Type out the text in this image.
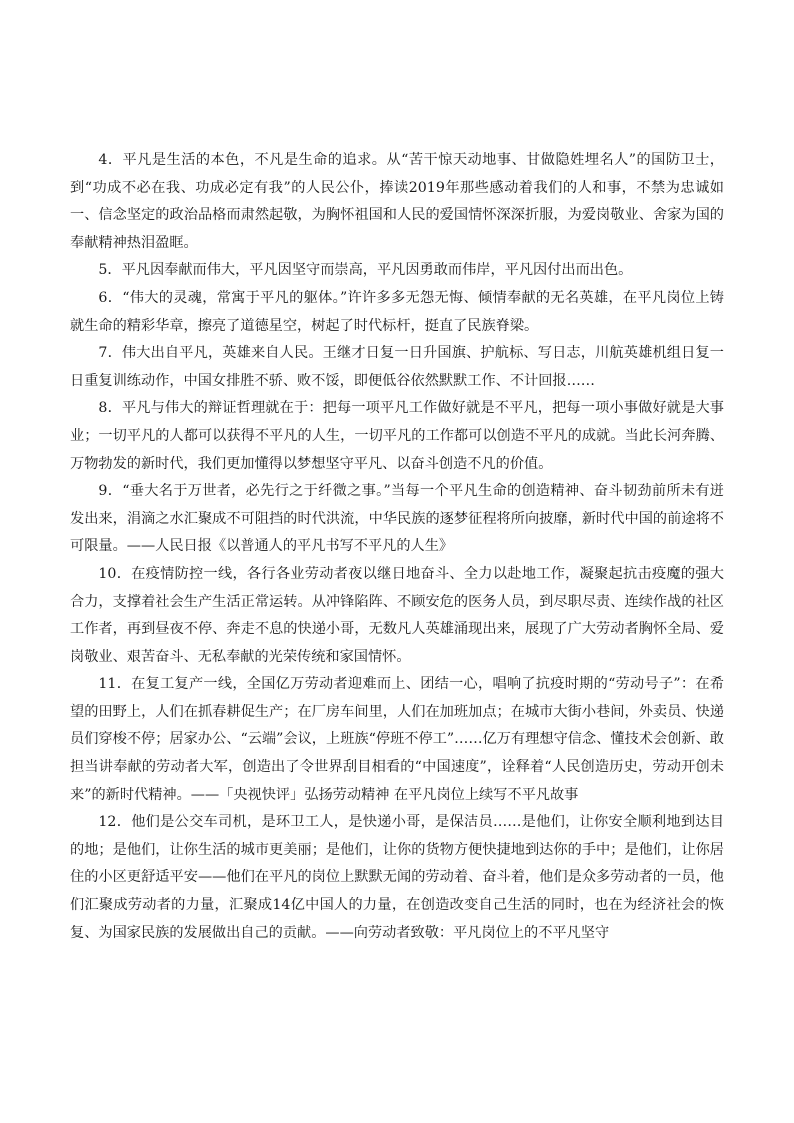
4．平凡是生活的本色，不凡是生命的追求。从“苦干惊天动地事、甘做隐姓埋名人”的国防卫士，到“功成不必在我、功成必定有我”的人民公仆，捧读2019年那些感动着我们的人和事，不禁为忠诚如一、信念坚定的政治品格而肃然起敬，为胸怀祖国和人民的爱国情怀深深折服，为爱岗敬业、舍家为国的奉献精神热泪盈眶。

5．平凡因奉献而伟大，平凡因坚守而崇高，平凡因勇敢而伟岸，平凡因付出而出色。

6．“伟大的灵魂，常寓于平凡的躯体。”许许多多无怨无悔、倾情奉献的无名英雄，在平凡岗位上铸就生命的精彩华章，擦亮了道德星空，树起了时代标杆，挺直了民族脊梁。

7．伟大出自平凡，英雄来自人民。王继才日复一日升国旗、护航标、写日志，川航英雄机组日复一日重复训练动作，中国女排胜不骄、败不馁，即便低谷依然默默工作、不计回报……

8．平凡与伟大的辩证哲理就在于：把每一项平凡工作做好就是不平凡，把每一项小事做好就是大事业；一切平凡的人都可以获得不平凡的人生，一切平凡的工作都可以创造不平凡的成就。当此长河奔腾、万物勃发的新时代，我们更加懂得以梦想坚守平凡、以奋斗创造不凡的价值。

9．“垂大名于万世者，必先行之于纤微之事。”当每一个平凡生命的创造精神、奋斗韧劲前所未有迸发出来，涓滴之水汇聚成不可阻挡的时代洪流，中华民族的逐梦征程将所向披靡，新时代中国的前途将不可限量。——人民日报《以普通人的平凡书写不平凡的人生》

10．在疫情防控一线，各行各业劳动者夜以继日地奋斗、全力以赴地工作，凝聚起抗击疫魔的强大合力，支撑着社会生产生活正常运转。从冲锋陷阵、不顾安危的医务人员，到尽职尽责、连续作战的社区工作者，再到昼夜不停、奔走不息的快递小哥，无数凡人英雄涌现出来，展现了广大劳动者胸怀全局、爱岗敬业、艰苦奋斗、无私奉献的光荣传统和家国情怀。

11．在复工复产一线，全国亿万劳动者迎难而上、团结一心，唱响了抗疫时期的“劳动号子”：在希望的田野上，人们在抓春耕促生产；在厂房车间里，人们在加班加点；在城市大街小巷间，外卖员、快递员们穿梭不停；居家办公、“云端”会议，上班族“停班不停工”……亿万有理想守信念、懂技术会创新、敢担当讲奉献的劳动者大军，创造出了令世界刮目相看的“中国速度”，诠释着“人民创造历史，劳动开创未来”的新时代精神。——「央视快评」弘扬劳动精神 在平凡岗位上续写不平凡故事

12．他们是公交车司机，是环卫工人，是快递小哥，是保洁员……是他们，让你安全顺利地到达目的地；是他们，让你生活的城市更美丽；是他们，让你的货物方便快捷地到达你的手中；是他们，让你居住的小区更舒适平安——他们在平凡的岗位上默默无闻的劳动着、奋斗着，他们是众多劳动者的一员，他们汇聚成劳动者的力量，汇聚成14亿中国人的力量，在创造改变自己生活的同时，也在为经济社会的恢复、为国家民族的发展做出自己的贡献。——向劳动者致敬：平凡岗位上的不平凡坚守
